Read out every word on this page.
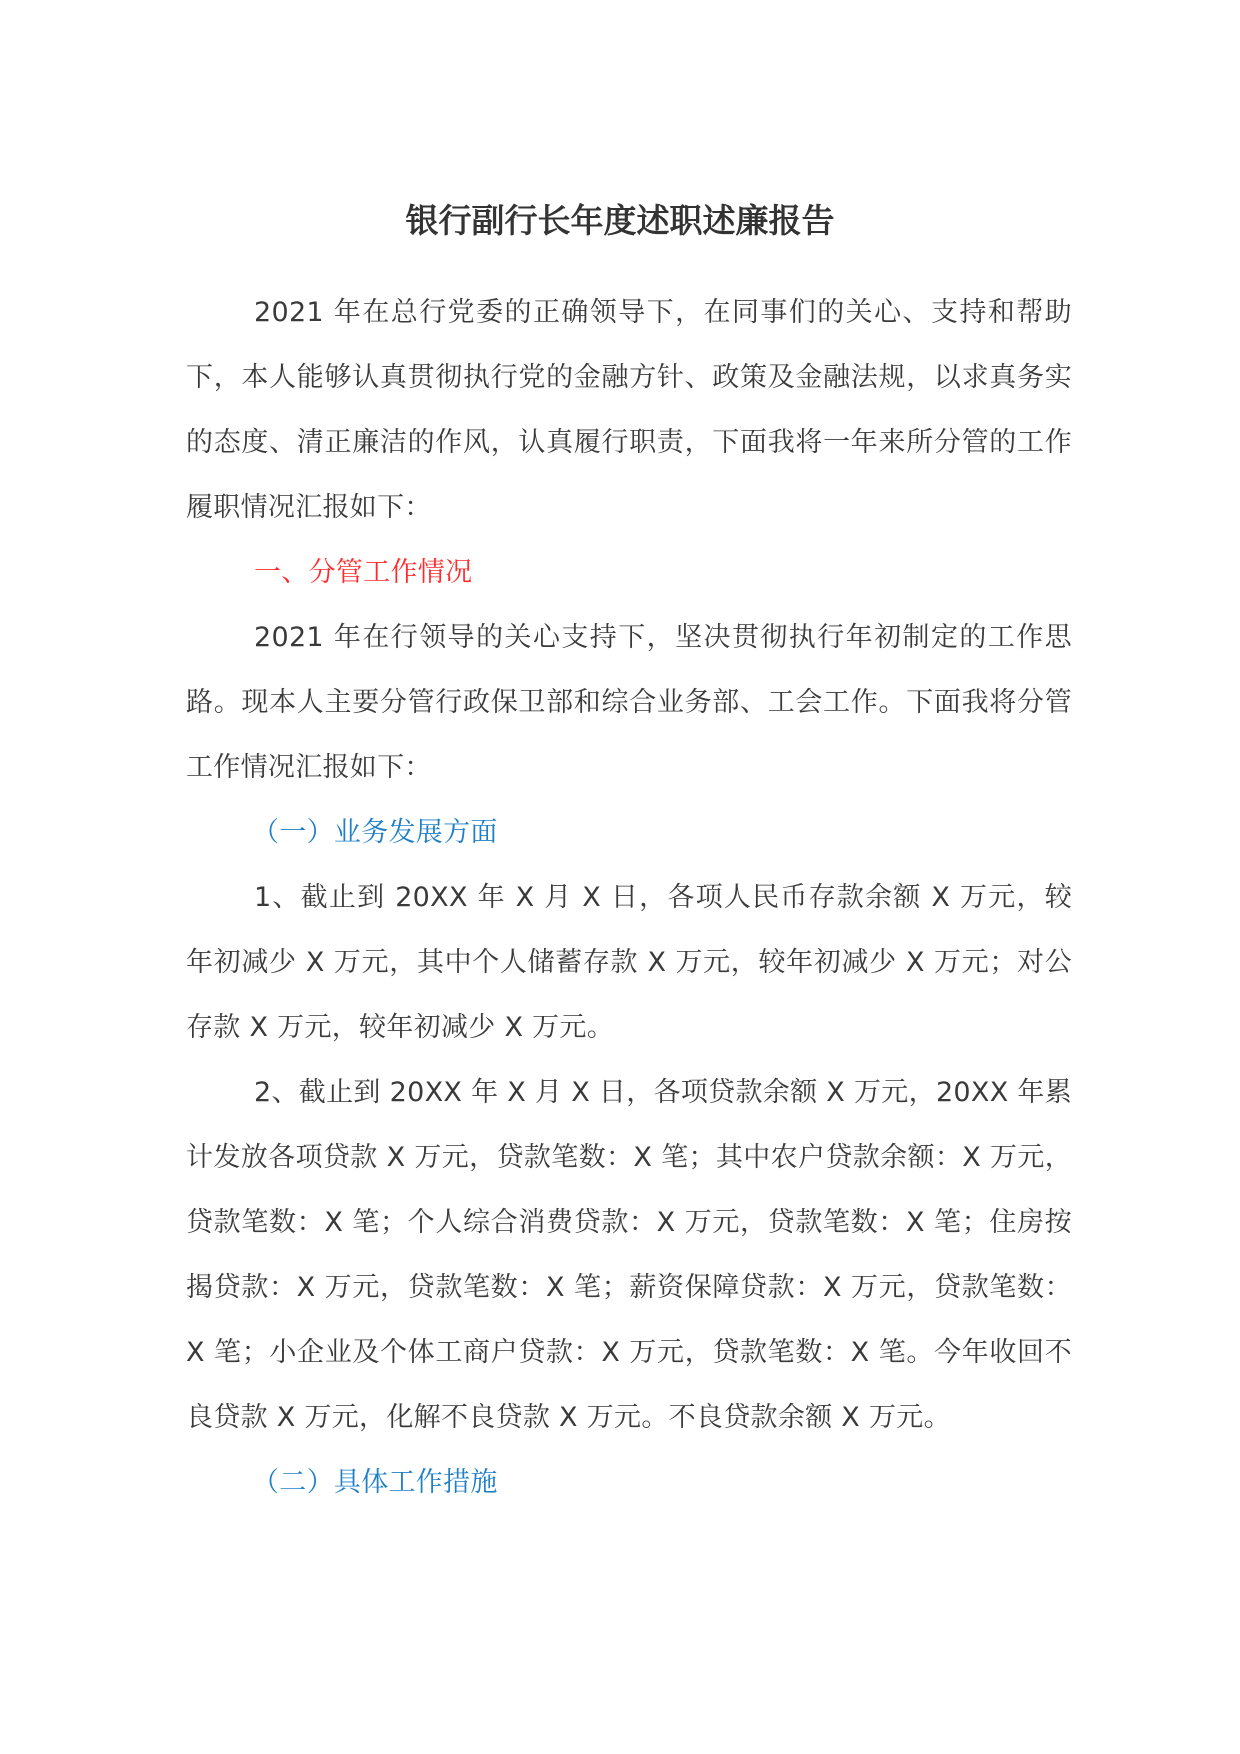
银行副行长年度述职述廉报告

2021 年在总行党委的正确领导下，在同事们的关心、支持和帮助下，本人能够认真贯彻执行党的金融方针、政策及金融法规，以求真务实的态度、清正廉洁的作风，认真履行职责，下面我将一年来所分管的工作履职情况汇报如下：

一、分管工作情况

2021 年在行领导的关心支持下，坚决贯彻执行年初制定的工作思路。现本人主要分管行政保卫部和综合业务部、工会工作。下面我将分管工作情况汇报如下：

（一）业务发展方面

1、截止到 20XX 年 X 月 X 日，各项人民币存款余额 X 万元，较年初减少 X 万元，其中个人储蓄存款 X 万元，较年初减少 X 万元；对公存款 X 万元，较年初减少 X 万元。

2、截止到 20XX 年 X 月 X 日，各项贷款余额 X 万元，20XX 年累计发放各项贷款 X 万元，贷款笔数：X 笔；其中农户贷款余额：X 万元，贷款笔数：X 笔；个人综合消费贷款：X 万元，贷款笔数：X 笔；住房按揭贷款：X 万元，贷款笔数：X 笔；薪资保障贷款：X 万元，贷款笔数：X 笔；小企业及个体工商户贷款：X 万元，贷款笔数：X 笔。今年收回不良贷款 X 万元，化解不良贷款 X 万元。不良贷款余额 X 万元。

（二）具体工作措施
